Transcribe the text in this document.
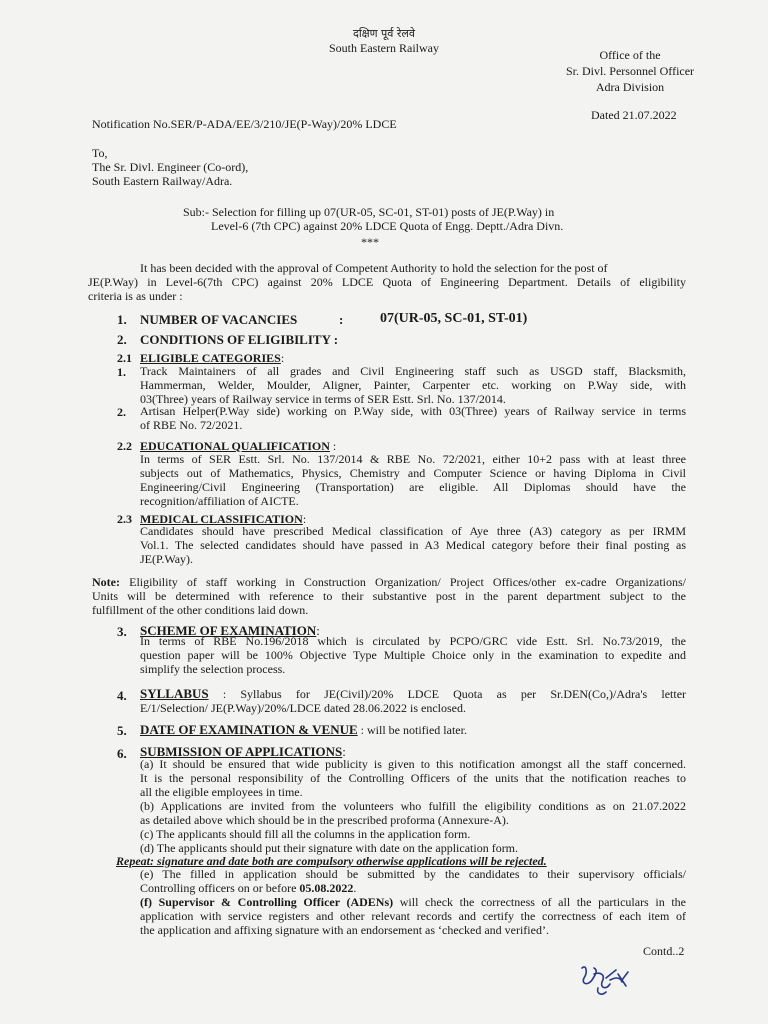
दक्षिण पूर्व रेलवे
South Eastern Railway	Office of the
Sr. Divl. Personnel Officer
Adra Division
Dated 21.07.2022
Notification No.SER/P-ADA/EE/3/210/JE(P-Way)/20% LDCE
To,
The Sr. Divl. Engineer (Co-ord),
South Eastern Railway/Adra.
Sub:- Selection for filling up 07(UR-05, SC-01, ST-01) posts of JE(P.Way) in
Level-6 (7th CPC) against 20% LDCE Quota of Engg. Deptt./Adra Divn.
***
It has been decided with the approval of Competent Authority to hold the selection for the post of
JE(P.Way) in Level-6(7th CPC) against 20% LDCE Quota of Engineering Department. Details of eligibility
criteria is as under :
1. NUMBER OF VACANCIES	:	07(UR-05, SC-01, ST-01)
2. CONDITIONS OF ELIGIBILITY :
2.1 ELIGIBLE CATEGORIES:
1. Track Maintainers of all grades and Civil Engineering staff such as USGD staff, Blacksmith,
Hammerman, Welder, Moulder, Aligner, Painter, Carpenter etc. working on P.Way side, with
03(Three) years of Railway service in terms of SER Estt. Srl. No. 137/2014.
2. Artisan Helper(P.Way side) working on P.Way side, with 03(Three) years of Railway service in terms
of RBE No. 72/2021.
2.2 EDUCATIONAL QUALIFICATION :
In terms of SER Estt. Srl. No. 137/2014 & RBE No. 72/2021, either 10+2 pass with at least three
subjects out of Mathematics, Physics, Chemistry and Computer Science or having Diploma in Civil
Engineering/Civil Engineering (Transportation) are eligible. All Diplomas should have the
recognition/affiliation of AICTE.
2.3 MEDICAL CLASSIFICATION:
Candidates should have prescribed Medical classification of Aye three (A3) category as per IRMM
Vol.1. The selected candidates should have passed in A3 Medical category before their final posting as
JE(P.Way).
Note: Eligibility of staff working in Construction Organization/ Project Offices/other ex-cadre Organizations/
Units will be determined with reference to their substantive post in the parent department subject to the
fulfillment of the other conditions laid down.
3. SCHEME OF EXAMINATION:
In terms of RBE No.196/2018 which is circulated by PCPO/GRC vide Estt. Srl. No.73/2019, the
question paper will be 100% Objective Type Multiple Choice only in the examination to expedite and
simplify the selection process.
4. SYLLABUS : Syllabus for JE(Civil)/20% LDCE Quota as per Sr.DEN(Co,)/Adra's letter
E/1/Selection/ JE(P.Way)/20%/LDCE dated 28.06.2022 is enclosed.
5. DATE OF EXAMINATION & VENUE : will be notified later.
6. SUBMISSION OF APPLICATIONS:
(a) It should be ensured that wide publicity is given to this notification amongst all the staff concerned.
It is the personal responsibility of the Controlling Officers of the units that the notification reaches to
all the eligible employees in time.
(b) Applications are invited from the volunteers who fulfill the eligibility conditions as on 21.07.2022
as detailed above which should be in the prescribed proforma (Annexure-A).
(c) The applicants should fill all the columns in the application form.
(d) The applicants should put their signature with date on the application form.
Repeat: signature and date both are compulsory otherwise applications will be rejected.
(e) The filled in application should be submitted by the candidates to their supervisory officials/
Controlling officers on or before 05.08.2022.
(f) Supervisor & Controlling Officer (ADENs) will check the correctness of all the particulars in the
application with service registers and other relevant records and certify the correctness of each item of
the application and affixing signature with an endorsement as ‘checked and verified’.
Contd..2
